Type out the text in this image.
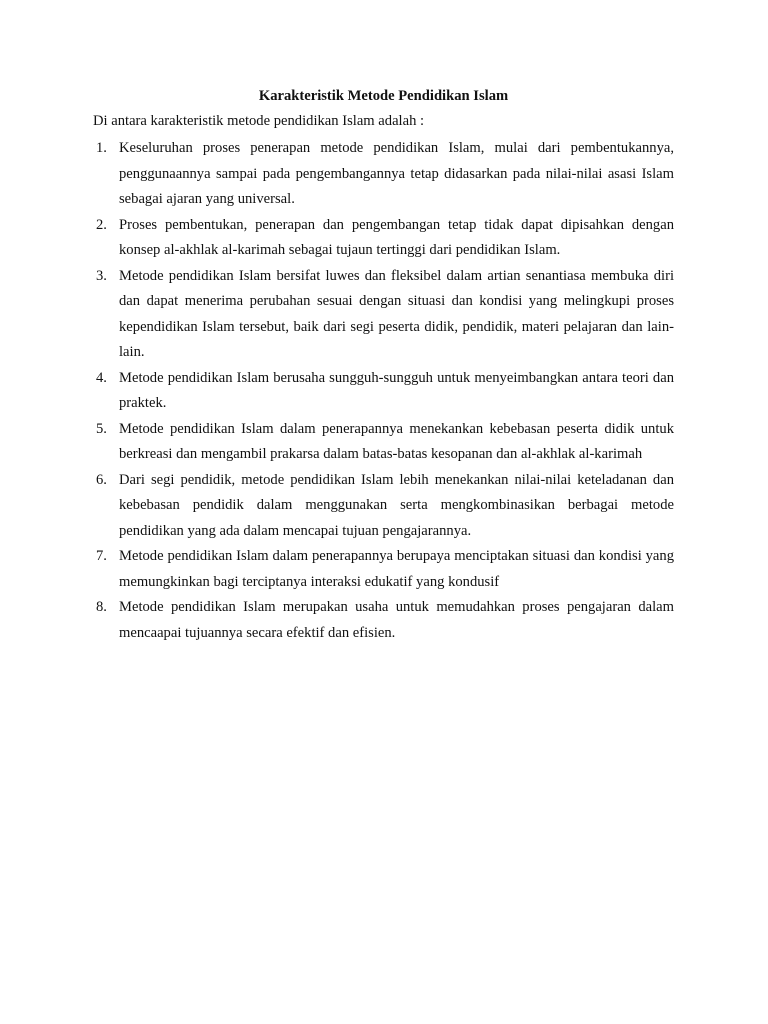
Karakteristik Metode Pendidikan Islam

Di antara karakteristik metode pendidikan Islam adalah :

1. Keseluruhan proses penerapan metode pendidikan Islam, mulai dari pembentukannya, penggunaannya sampai pada pengembangannya tetap didasarkan pada nilai-nilai asasi Islam sebagai ajaran yang universal.
2. Proses pembentukan, penerapan dan pengembangan tetap tidak dapat dipisahkan dengan konsep al-akhlak al-karimah sebagai tujaun tertinggi dari pendidikan Islam.
3. Metode pendidikan Islam bersifat luwes dan fleksibel dalam artian senantiasa membuka diri dan dapat menerima perubahan sesuai dengan situasi dan kondisi yang melingkupi proses kependidikan Islam tersebut, baik dari segi peserta didik, pendidik, materi pelajaran dan lain-lain.
4. Metode pendidikan Islam berusaha sungguh-sungguh untuk menyeimbangkan antara teori dan praktek.
5. Metode pendidikan Islam dalam penerapannya menekankan kebebasan peserta didik untuk berkreasi dan mengambil prakarsa dalam batas-batas kesopanan dan al-akhlak al-karimah
6. Dari segi pendidik, metode pendidikan Islam lebih menekankan nilai-nilai keteladanan dan kebebasan pendidik dalam menggunakan serta mengkombinasikan berbagai metode pendidikan yang ada dalam mencapai tujuan pengajarannya.
7. Metode pendidikan Islam dalam penerapannya berupaya menciptakan situasi dan kondisi yang memungkinkan bagi terciptanya interaksi edukatif yang kondusif
8. Metode pendidikan Islam merupakan usaha untuk memudahkan proses pengajaran dalam mencaapai tujuannya secara efektif dan efisien.
